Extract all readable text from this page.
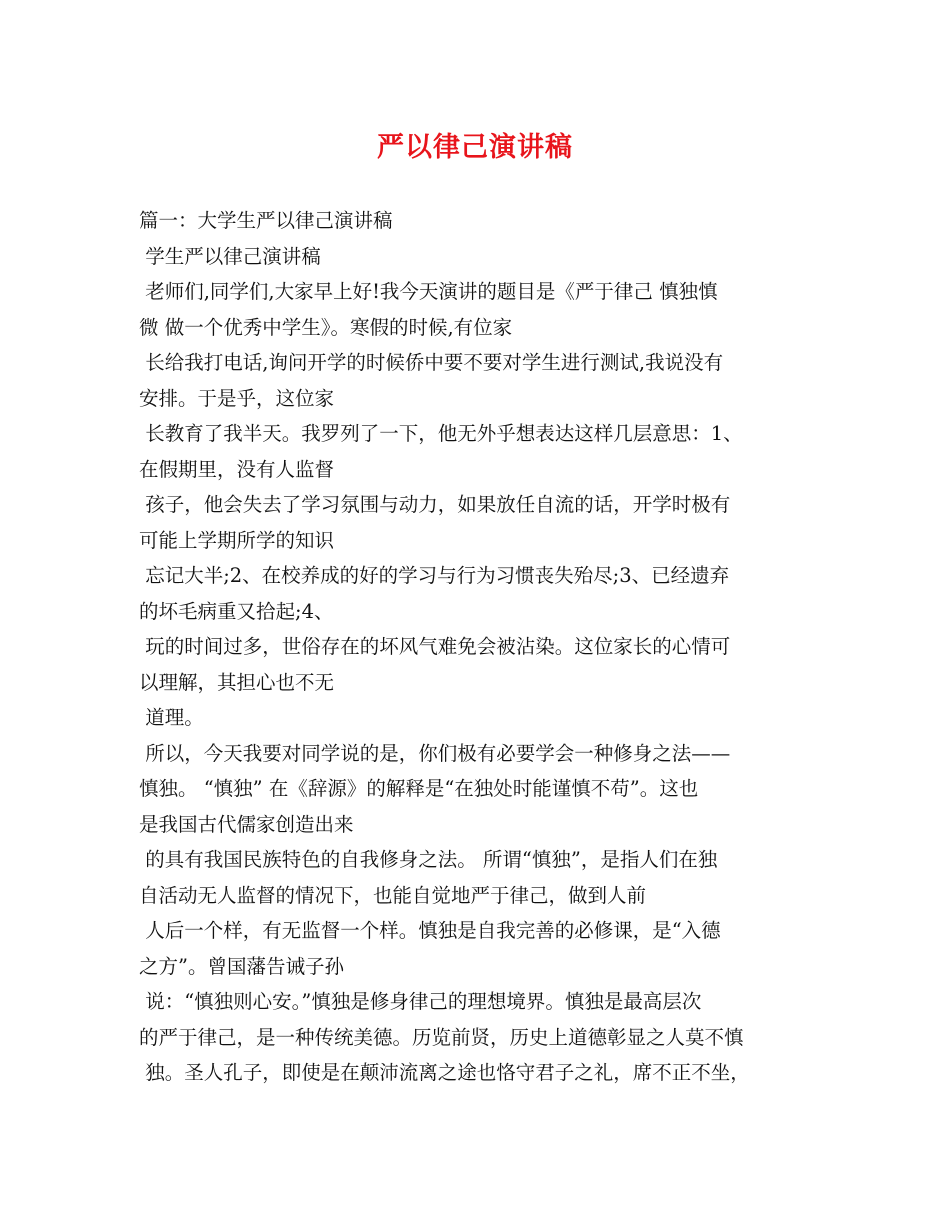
严以律己演讲稿
篇一：大学生严以律己演讲稿
学生严以律己演讲稿
老师们,同学们,大家早上好!我今天演讲的题目是《严于律己 慎独慎
微 做一个优秀中学生》。寒假的时候,有位家
长给我打电话,询问开学的时候侨中要不要对学生进行测试,我说没有
安排。于是乎，这位家
长教育了我半天。我罗列了一下，他无外乎想表达这样几层意思：1、
在假期里，没有人监督
孩子，他会失去了学习氛围与动力，如果放任自流的话，开学时极有
可能上学期所学的知识
忘记大半;2、在校养成的好的学习与行为习惯丧失殆尽;3、已经遗弃
的坏毛病重又拾起;4、
玩的时间过多，世俗存在的坏风气难免会被沾染。这位家长的心情可
以理解，其担心也不无
道理。
所以，今天我要对同学说的是，你们极有必要学会一种修身之法——
慎独。 “慎独” 在《辞源》的解释是“在独处时能谨慎不苟”。这也
是我国古代儒家创造出来
的具有我国民族特色的自我修身之法。 所谓“慎独”，是指人们在独
自活动无人监督的情况下，也能自觉地严于律己，做到人前
人后一个样，有无监督一个样。慎独是自我完善的必修课，是“入德
之方”。曾国藩告诫子孙
说：“慎独则心安。”慎独是修身律己的理想境界。慎独是最高层次
的严于律己，是一种传统美德。历览前贤，历史上道德彰显之人莫不慎
独。圣人孔子，即使是在颠沛流离之途也恪守君子之礼，席不正不坐，
